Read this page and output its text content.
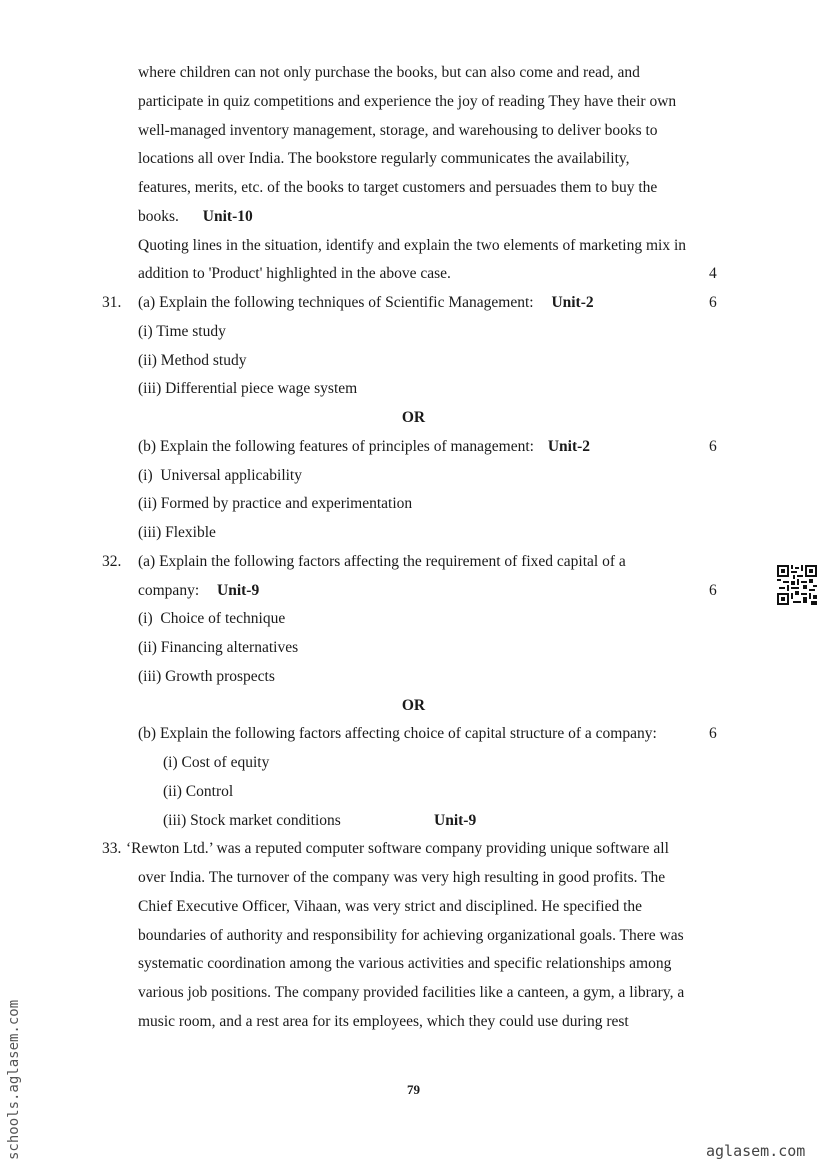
where children can not only purchase the books, but can also come and read, and
participate in quiz competitions and experience the joy of reading They have their own
well-managed inventory management, storage, and warehousing to deliver books to
locations all over India. The bookstore regularly communicates the availability,
features, merits, etc. of the books to target customers and persuades them to buy the
books. Unit-10
Quoting lines in the situation, identify and explain the two elements of marketing mix in
addition to 'Product' highlighted in the above case.	4
31. (a) Explain the following techniques of Scientific Management: Unit-2	6
(i) Time study
(ii) Method study
(iii) Differential piece wage system
OR
(b) Explain the following features of principles of management: Unit-2	6
(i)  Universal applicability
(ii) Formed by practice and experimentation
(iii) Flexible
32. (a) Explain the following factors affecting the requirement of fixed capital of a
company: Unit-9	6
(i)  Choice of technique
(ii) Financing alternatives
(iii) Growth prospects
OR
(b) Explain the following factors affecting choice of capital structure of a company:	6
(i) Cost of equity
(ii) Control
(iii) Stock market conditions	Unit-9
33. ‘Rewton Ltd.’ was a reputed computer software company providing unique software all
over India. The turnover of the company was very high resulting in good profits. The
Chief Executive Officer, Vihaan, was very strict and disciplined. He specified the
boundaries of authority and responsibility for achieving organizational goals. There was
systematic coordination among the various activities and specific relationships among
various job positions. The company provided facilities like a canteen, a gym, a library, a
music room, and a rest area for its employees, which they could use during rest
79
schools.aglasem.com	aglasem.com
